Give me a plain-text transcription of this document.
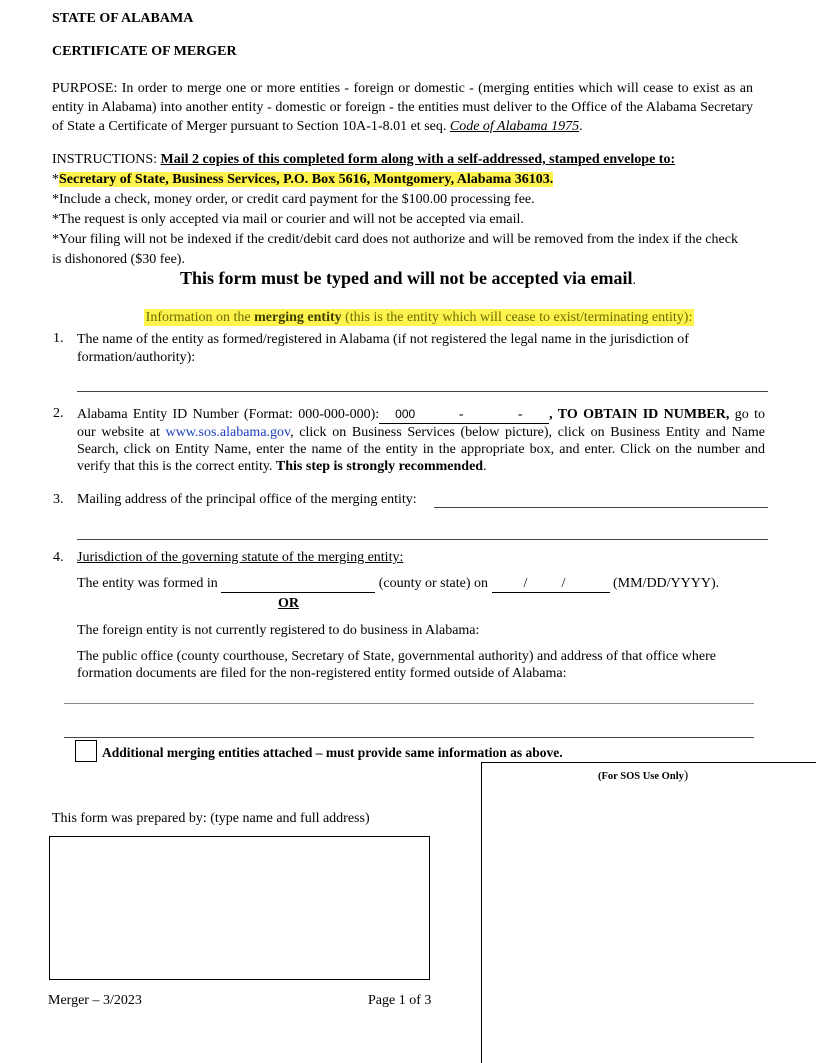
STATE OF ALABAMA
CERTIFICATE OF MERGER
PURPOSE: In order to merge one or more entities - foreign or domestic - (merging entities which will cease to exist as an entity in Alabama) into another entity - domestic or foreign - the entities must deliver to the Office of the Alabama Secretary of State a Certificate of Merger pursuant to Section 10A-1-8.01 et seq. Code of Alabama 1975.
INSTRUCTIONS: Mail 2 copies of this completed form along with a self-addressed, stamped envelope to:
*Secretary of State, Business Services, P.O. Box 5616, Montgomery, Alabama 36103.
*Include a check, money order, or credit card payment for the $100.00 processing fee.
*The request is only accepted via mail or courier and will not be accepted via email.
*Your filing will not be indexed if the credit/debit card does not authorize and will be removed from the index if the check is dishonored ($30 fee).
This form must be typed and will not be accepted via email.
Information on the merging entity (this is the entity which will cease to exist/terminating entity):
1. The name of the entity as formed/registered in Alabama (if not registered the legal name in the jurisdiction of formation/authority):
2. Alabama Entity ID Number (Format: 000-000-000): 000	-	- , TO OBTAIN ID NUMBER, go to our website at www.sos.alabama.gov, click on Business Services (below picture), click on Business Entity and Name Search, click on Entity Name, enter the name of the entity in the appropriate box, and enter. Click on the number and verify that this is the correct entity. This step is strongly recommended.
3. Mailing address of the principal office of the merging entity:
4. Jurisdiction of the governing statute of the merging entity:
The entity was formed in	(county or state) on	/ /	(MM/DD/YYYY).
OR
The foreign entity is not currently registered to do business in Alabama:
The public office (county courthouse, Secretary of State, governmental authority) and address of that office where formation documents are filed for the non-registered entity formed outside of Alabama:
Additional merging entities attached – must provide same information as above.
(For SOS Use Only)
This form was prepared by: (type name and full address)
Merger – 3/2023	Page 1 of 3
